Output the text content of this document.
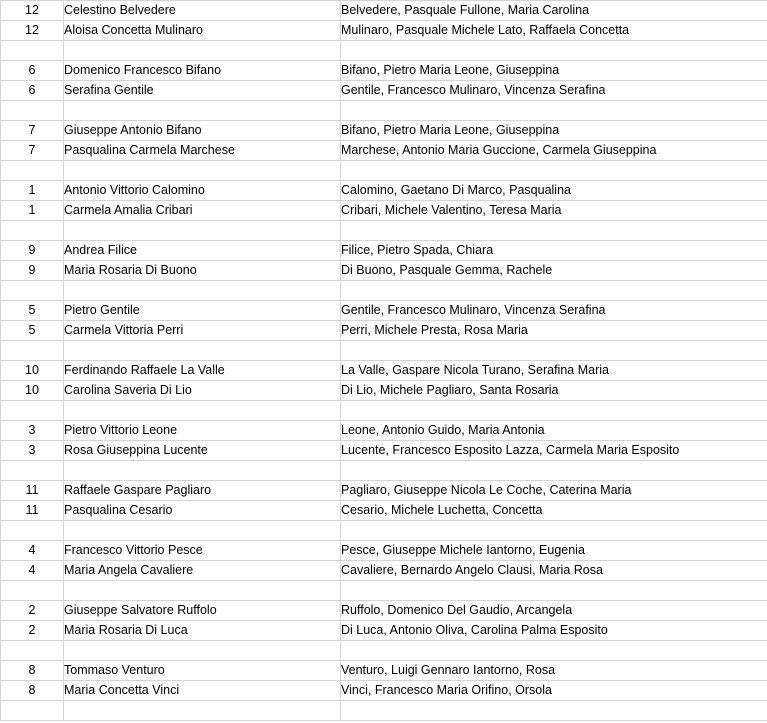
12	Celestino Belvedere	Belvedere, Pasquale Fullone, Maria Carolina
12	Aloisa Concetta Mulinaro	Mulinaro, Pasquale Michele Lato, Raffaela Concetta

6	Domenico Francesco Bifano	Bifano, Pietro Maria Leone, Giuseppina
6	Serafina Gentile	Gentile, Francesco Mulinaro, Vincenza Serafina

7	Giuseppe Antonio Bifano	Bifano, Pietro Maria Leone, Giuseppina
7	Pasqualina Carmela Marchese	Marchese, Antonio Maria Guccione, Carmela Giuseppina

1	Antonio Vittorio Calomino	Calomino, Gaetano Di Marco, Pasqualina
1	Carmela Amalia Cribari	Cribari, Michele Valentino, Teresa Maria

9	Andrea Filice	Filice, Pietro Spada, Chiara
9	Maria Rosaria Di Buono	Di Buono, Pasquale Gemma, Rachele

5	Pietro Gentile	Gentile, Francesco Mulinaro, Vincenza Serafina
5	Carmela Vittoria Perri	Perri, Michele Presta, Rosa Maria

10	Ferdinando Raffaele La Valle	La Valle, Gaspare Nicola Turano, Serafina Maria
10	Carolina Saveria Di Lio	Di Lio, Michele Pagliaro, Santa Rosaria

3	Pietro Vittorio Leone	Leone, Antonio Guido, Maria Antonia
3	Rosa Giuseppina Lucente	Lucente, Francesco Esposito Lazza, Carmela Maria Esposito

11	Raffaele Gaspare Pagliaro	Pagliaro, Giuseppe Nicola Le Coche, Caterina Maria
11	Pasqualina Cesario	Cesario, Michele Luchetta, Concetta

4	Francesco Vittorio Pesce	Pesce, Giuseppe Michele Iantorno, Eugenia
4	Maria Angela Cavaliere	Cavaliere, Bernardo Angelo Clausi, Maria Rosa

2	Giuseppe Salvatore Ruffolo	Ruffolo, Domenico Del Gaudio, Arcangela
2	Maria Rosaria Di Luca	Di Luca, Antonio Oliva, Carolina Palma Esposito

8	Tommaso Venturo	Venturo, Luigi Gennaro Iantorno, Rosa
8	Maria Concetta Vinci	Vinci, Francesco Maria Orifino, Orsola
